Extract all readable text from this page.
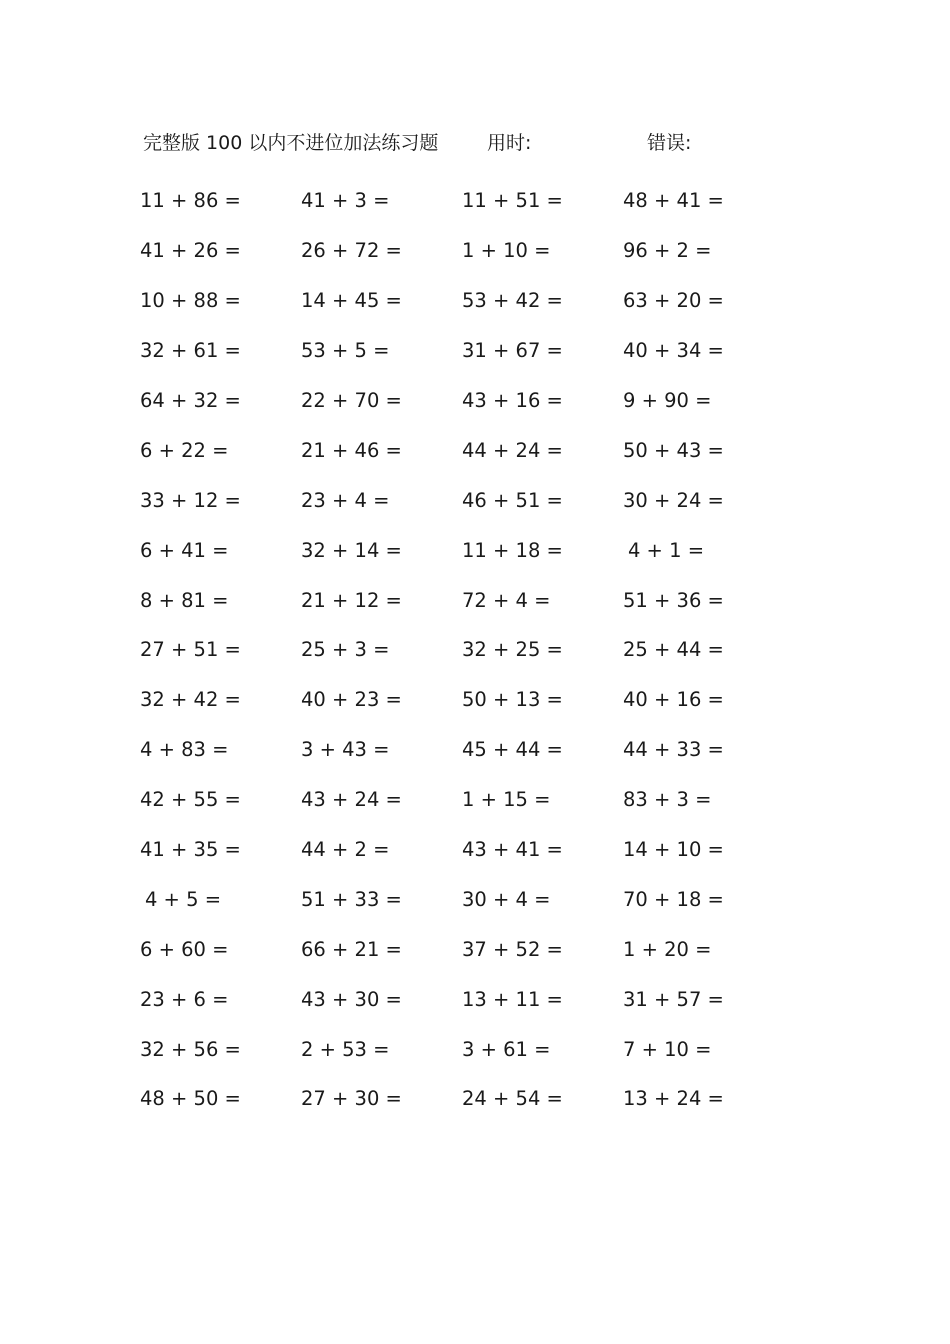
完整版 100 以内不进位加法练习题	用时:	错误:
11 + 86 =	41 + 3 =	11 + 51 =	48 + 41 =
41 + 26 =	26 + 72 =	1 + 10 =	96 + 2 =
10 + 88 =	14 + 45 =	53 + 42 =	63 + 20 =
32 + 61 =	53 + 5 =	31 + 67 =	40 + 34 =
64 + 32 =	22 + 70 =	43 + 16 =	9 + 90 =
6 + 22 =	21 + 46 =	44 + 24 =	50 + 43 =
33 + 12 =	23 + 4 =	46 + 51 =	30 + 24 =
6 + 41 =	32 + 14 =	11 + 18 =	4 + 1 =
8 + 81 =	21 + 12 =	72 + 4 =	51 + 36 =
27 + 51 =	25 + 3 =	32 + 25 =	25 + 44 =
32 + 42 =	40 + 23 =	50 + 13 =	40 + 16 =
4 + 83 =	3 + 43 =	45 + 44 =	44 + 33 =
42 + 55 =	43 + 24 =	1 + 15 =	83 + 3 =
41 + 35 =	44 + 2 =	43 + 41 =	14 + 10 =
4 + 5 =	51 + 33 =	30 + 4 =	70 + 18 =
6 + 60 =	66 + 21 =	37 + 52 =	1 + 20 =
23 + 6 =	43 + 30 =	13 + 11 =	31 + 57 =
32 + 56 =	2 + 53 =	3 + 61 =	7 + 10 =
48 + 50 =	27 + 30 =	24 + 54 =	13 + 24 =
